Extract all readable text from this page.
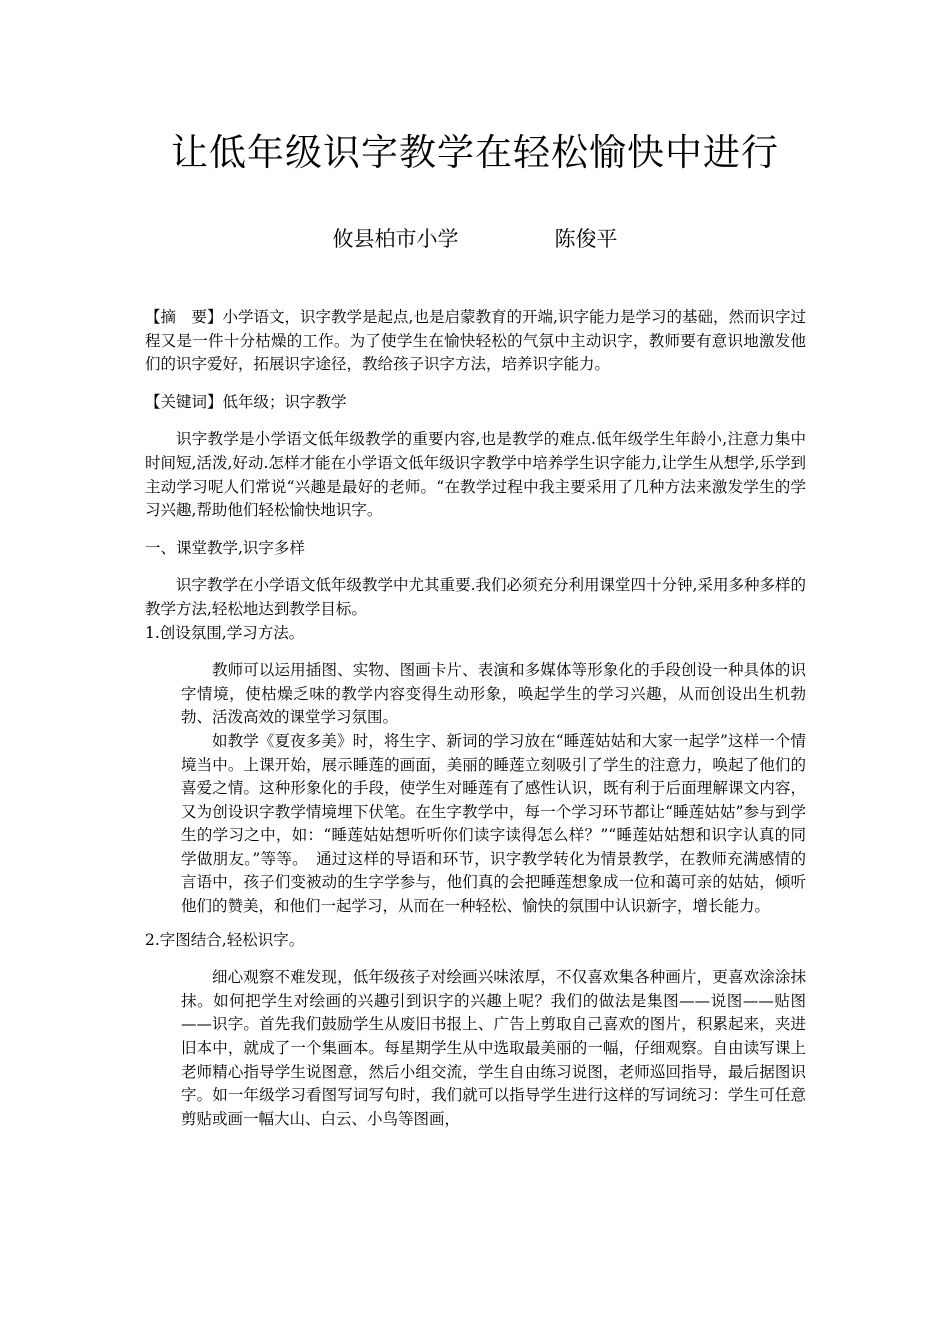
让低年级识字教学在轻松愉快中进行
攸县柏市小学	陈俊平

【摘　要】小学语文，识字教学是起点,也是启蒙教育的开端,识字能力是学习的基础，然而识字过程又是一件十分枯燥的工作。为了使学生在愉快轻松的气氛中主动识字，教师要有意识地激发他们的识字爱好，拓展识字途径，教给孩子识字方法，培养识字能力。

【关键词】低年级；识字教学

识字教学是小学语文低年级教学的重要内容,也是教学的难点.低年级学生年龄小,注意力集中时间短,活泼,好动.怎样才能在小学语文低年级识字教学中培养学生识字能力,让学生从想学,乐学到主动学习呢人们常说“兴趣是最好的老师。“在教学过程中我主要采用了几种方法来激发学生的学习兴趣,帮助他们轻松愉快地识字。

一、课堂教学,识字多样

识字教学在小学语文低年级教学中尤其重要.我们必须充分利用课堂四十分钟,采用多种多样的教学方法,轻松地达到教学目标。

1.创设氛围,学习方法。

教师可以运用插图、实物、图画卡片、表演和多媒体等形象化的手段创设一种具体的识字情境，使枯燥乏味的教学内容变得生动形象，唤起学生的学习兴趣，从而创设出生机勃勃、活泼高效的课堂学习氛围。

如教学《夏夜多美》时，将生字、新词的学习放在“睡莲姑姑和大家一起学”这样一个情境当中。上课开始，展示睡莲的画面，美丽的睡莲立刻吸引了学生的注意力，唤起了他们的喜爱之情。这种形象化的手段，使学生对睡莲有了感性认识，既有利于后面理解课文内容，又为创设识字教学情境埋下伏笔。在生字教学中，每一个学习环节都让“睡莲姑姑”参与到学生的学习之中，如：“睡莲姑姑想听听你们读字读得怎么样？”“睡莲姑姑想和识字认真的同学做朋友。”等等。　通过这样的导语和环节，识字教学转化为情景教学，在教师充满感情的言语中，孩子们变被动的生字学参与，他们真的会把睡莲想象成一位和蔼可亲的姑姑，倾听他们的赞美，和他们一起学习，从而在一种轻松、愉快的氛围中认识新字，增长能力。

2.字图结合,轻松识字。

细心观察不难发现，低年级孩子对绘画兴味浓厚，不仅喜欢集各种画片，更喜欢涂涂抹抹。如何把学生对绘画的兴趣引到识字的兴趣上呢？我们的做法是集图——说图——贴图——识字。首先我们鼓励学生从废旧书报上、广告上剪取自己喜欢的图片，积累起来，夹进旧本中，就成了一个集画本。每星期学生从中选取最美丽的一幅，仔细观察。自由读写课上老师精心指导学生说图意，然后小组交流，学生自由练习说图，老师巡回指导，最后据图识字。如一年级学习看图写词写句时，我们就可以指导学生进行这样的写词统习：学生可任意剪贴或画一幅大山、白云、小鸟等图画，
